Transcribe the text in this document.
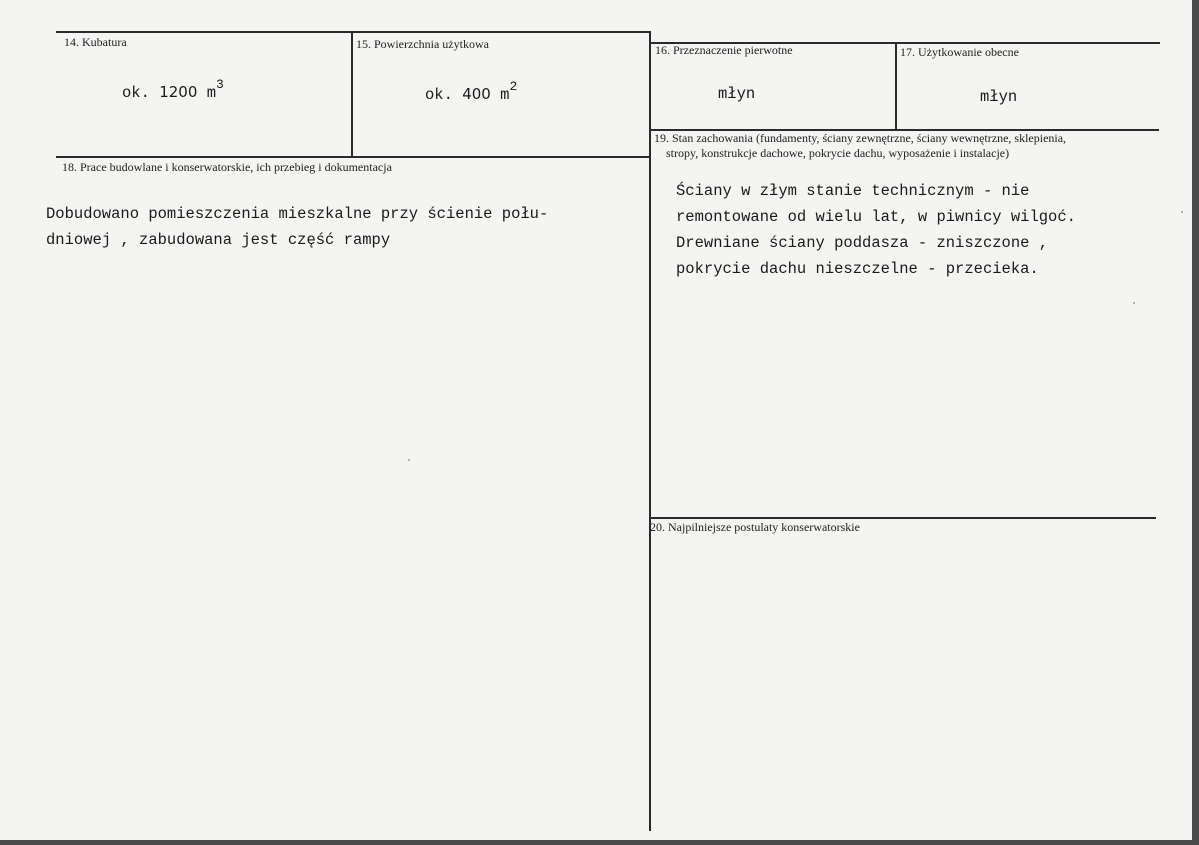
14. Kubatura
ok. 1200 $m^3$
15. Powierzchnia użytkowa
ok. 400 $m^2$
16. Przeznaczenie pierwotne
młyn
17. Użytkowanie obecne
młyn
18. Prace budowlane i konserwatorskie, ich przebieg i dokumentacja
Dobudowano pomieszczenia mieszkalne przy ścienie połu-
dniowej , zabudowana jest część rampy
19. Stan zachowania (fundamenty, ściany zewnętrzne, ściany wewnętrzne, sklepienia,
stropy, konstrukcje dachowe, pokrycie dachu, wyposażenie i instalacje)
Ściany w złym stanie technicznym - nie
remontowane od wielu lat, w piwnicy wilgoć.
Drewniane ściany poddasza - zniszczone ,
pokrycie dachu nieszczelne - przecieka.
20. Najpilniejsze postulaty konserwatorskie
